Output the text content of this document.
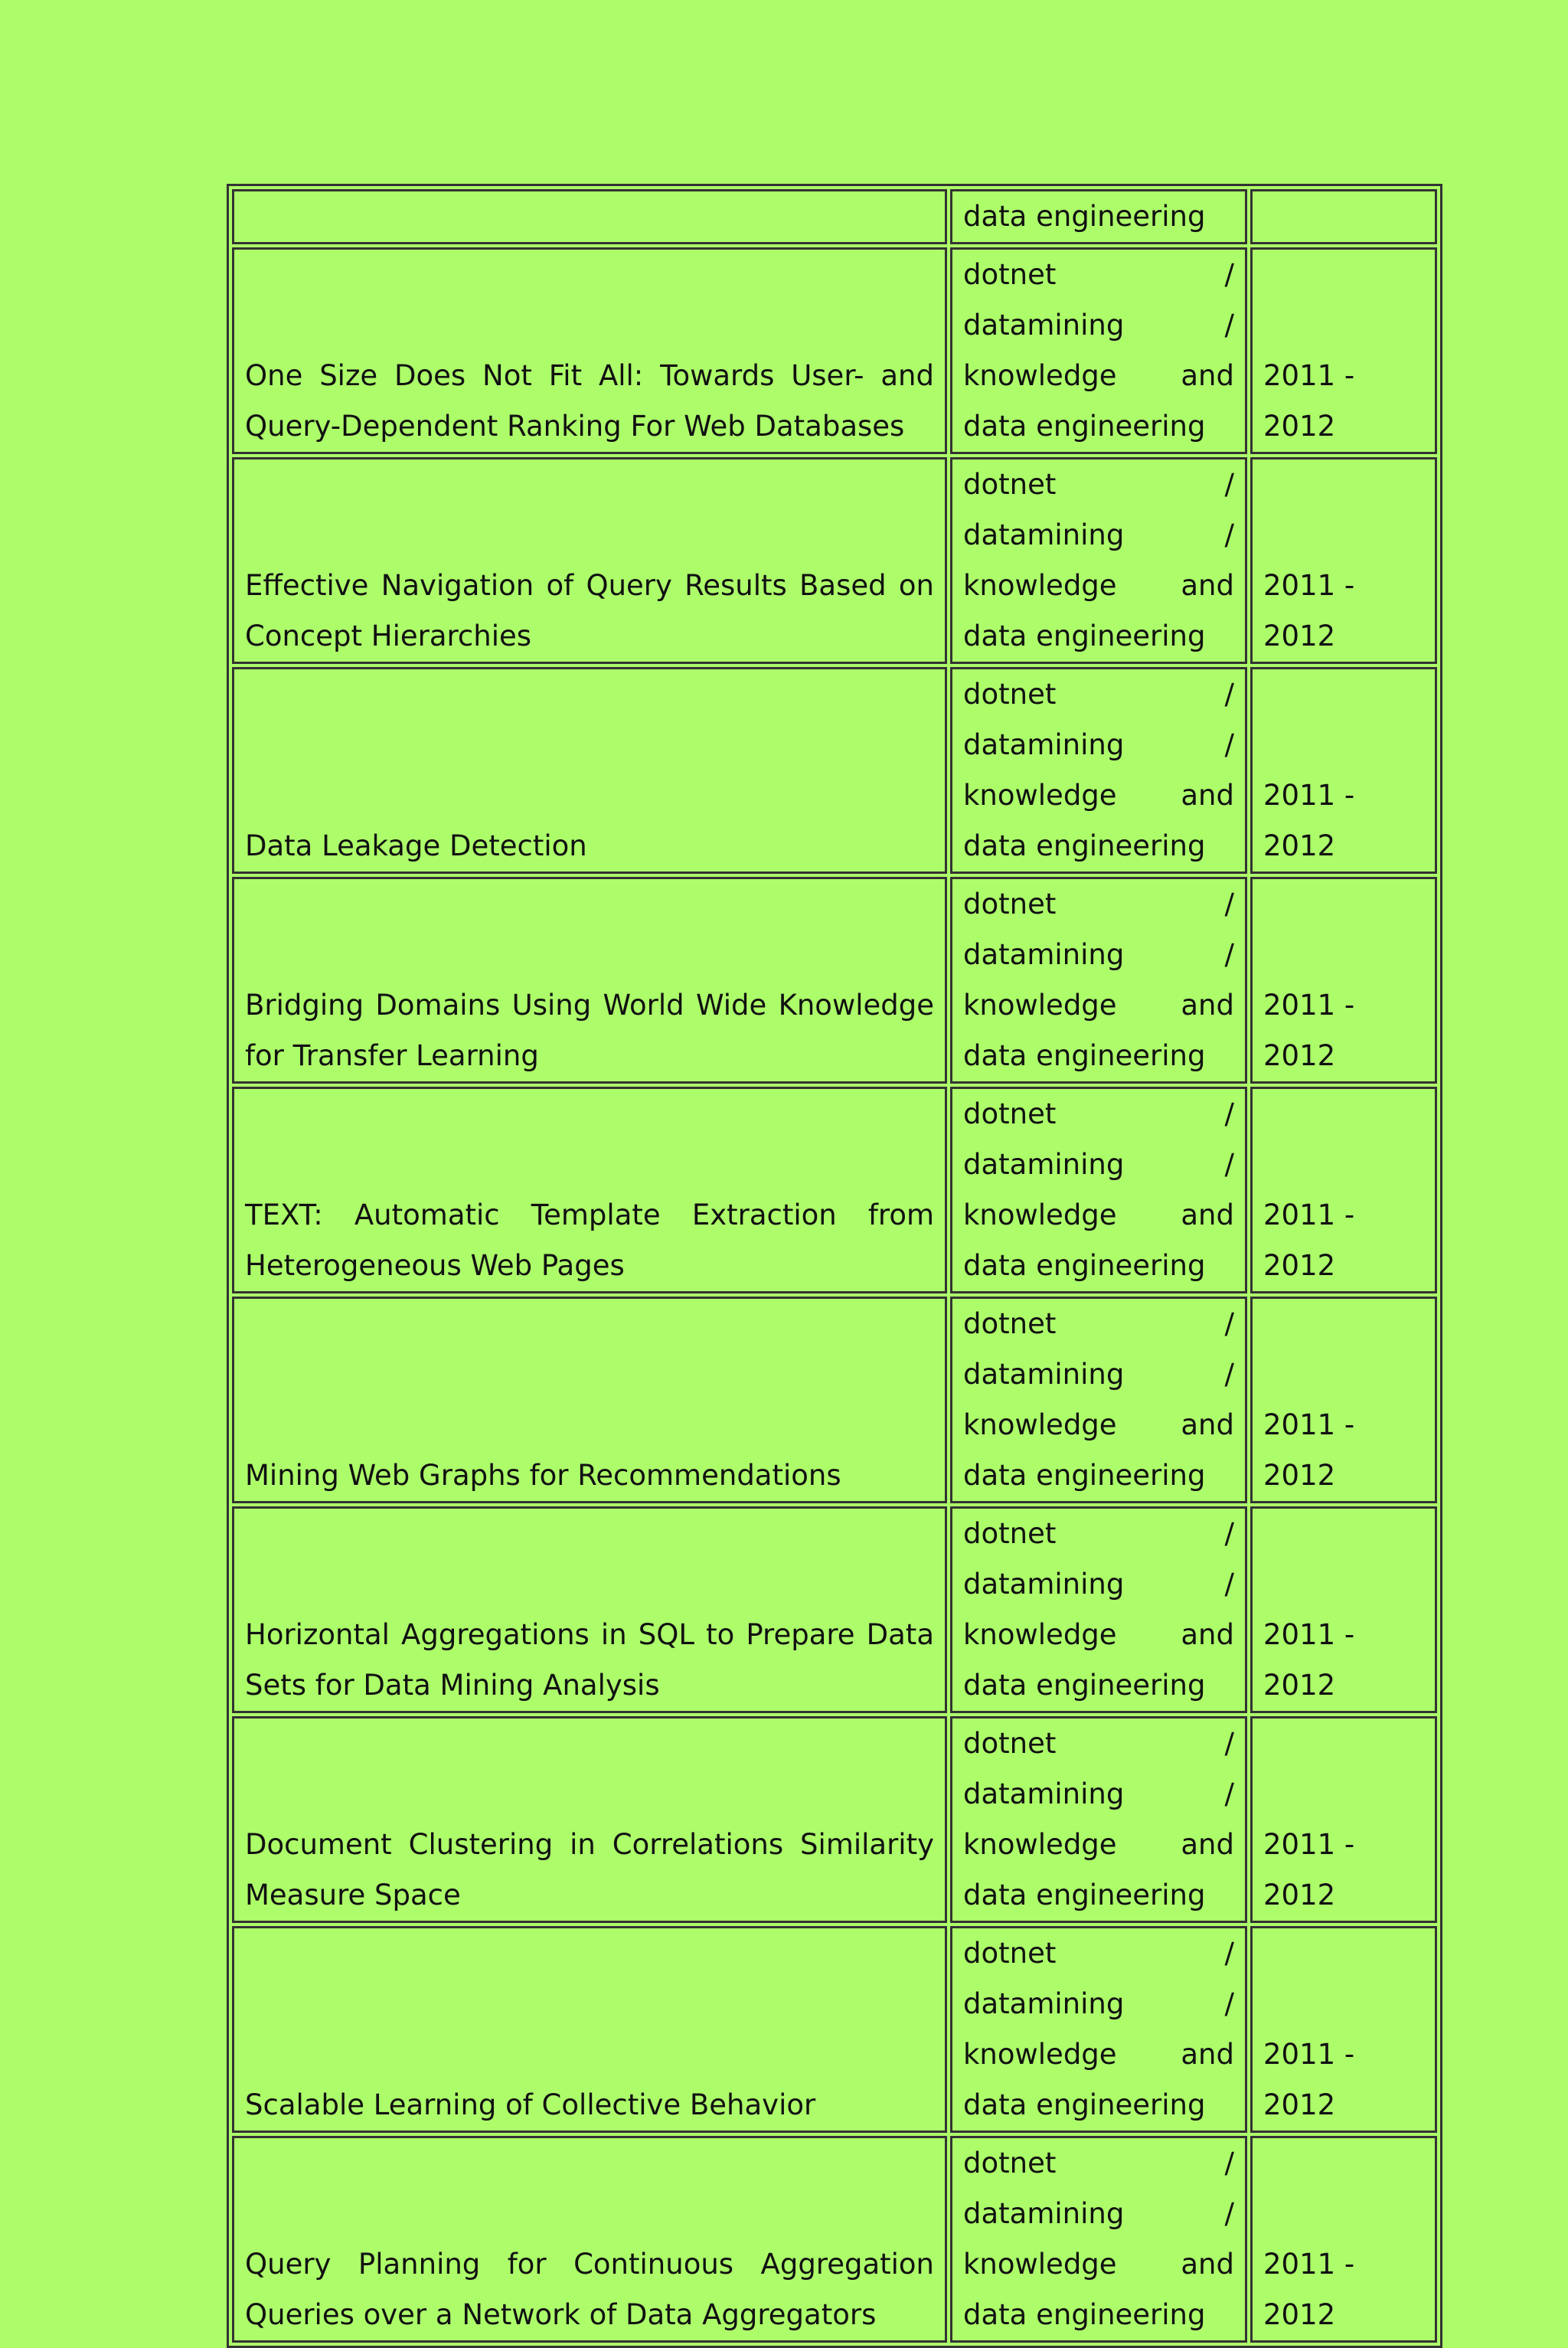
	data engineering	
One Size Does Not Fit All: Towards User- and Query-Dependent Ranking For Web Databases	dotnet / datamining / knowledge and data engineering	2011 - 2012
Effective Navigation of Query Results Based on Concept Hierarchies	dotnet / datamining / knowledge and data engineering	2011 - 2012
Data Leakage Detection	dotnet / datamining / knowledge and data engineering	2011 - 2012
Bridging Domains Using World Wide Knowledge for Transfer Learning	dotnet / datamining / knowledge and data engineering	2011 - 2012
TEXT: Automatic Template Extraction from Heterogeneous Web Pages	dotnet / datamining / knowledge and data engineering	2011 - 2012
Mining Web Graphs for Recommendations	dotnet / datamining / knowledge and data engineering	2011 - 2012
Horizontal Aggregations in SQL to Prepare Data Sets for Data Mining Analysis	dotnet / datamining / knowledge and data engineering	2011 - 2012
Document Clustering in Correlations Similarity Measure Space	dotnet / datamining / knowledge and data engineering	2011 - 2012
Scalable Learning of Collective Behavior	dotnet / datamining / knowledge and data engineering	2011 - 2012
Query Planning for Continuous Aggregation Queries over a Network of Data Aggregators	dotnet / datamining / knowledge and data engineering	2011 - 2012
